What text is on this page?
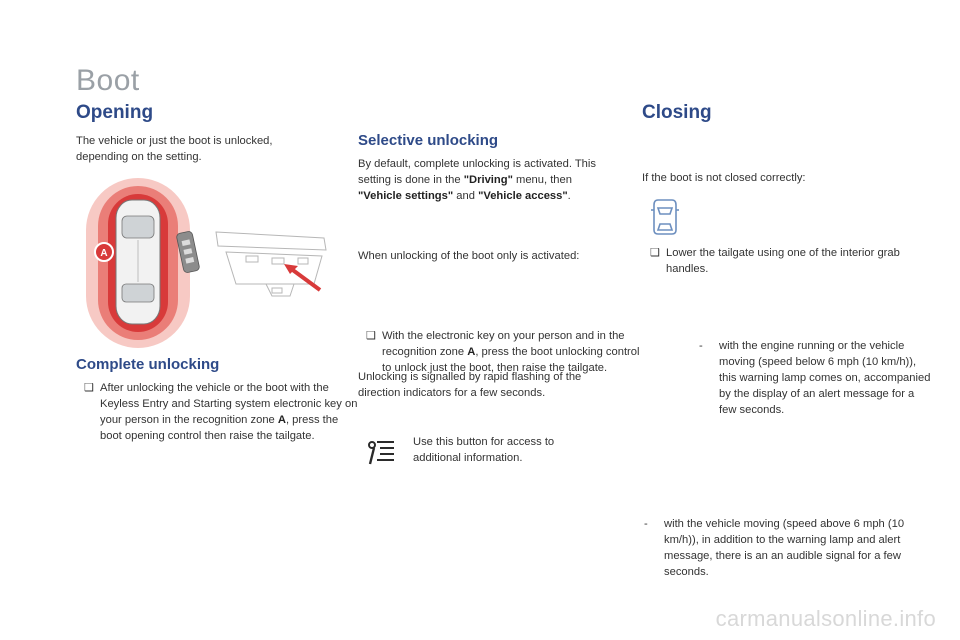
Boot
Opening

The vehicle or just the boot is unlocked, depending on the setting.

A
Complete unlocking
❑ After unlocking the vehicle or the boot with the Keyless Entry and Starting system electronic key on your person in the recognition zone A, press the boot opening control then raise the tailgate.
Selective unlocking

By default, complete unlocking is activated. This setting is done in the "Driving" menu, then "Vehicle settings" and "Vehicle access".

When unlocking of the boot only is activated:

❑ With the electronic key on your person and in the recognition zone A, press the boot unlocking control to unlock just the boot, then raise the tailgate.

Unlocking is signalled by rapid flashing of the direction indicators for a few seconds.

Use this button for access to additional information.

Closing
❑ Lower the tailgate using one of the interior grab handles.

If the boot is not closed correctly:

- with the engine running or the vehicle moving (speed below 6 mph (10 km/h)), this warning lamp comes on, accompanied by the display of an alert message for a few seconds.
- with the vehicle moving (speed above 6 mph (10 km/h)), in addition to the warning lamp and alert message, there is an an audible signal for a few seconds.
carmanualsonline.info
